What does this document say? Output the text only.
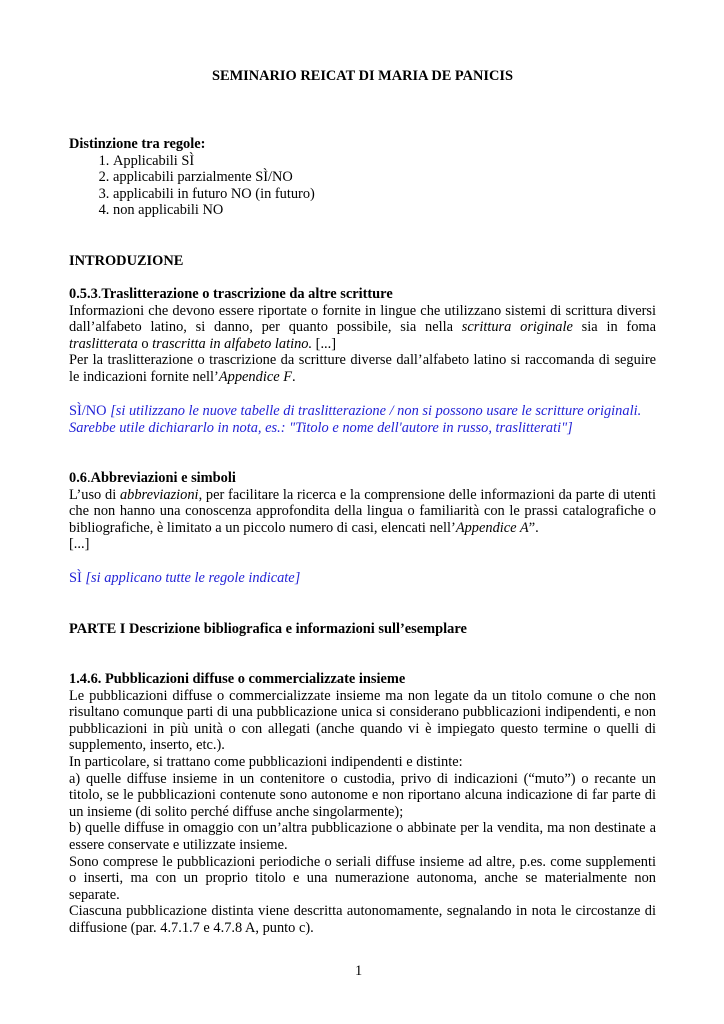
SEMINARIO REICAT DI MARIA DE PANICIS
Distinzione tra regole:
1. Applicabili SÌ
2. applicabili parzialmente SÌ/NO
3. applicabili in futuro NO (in futuro)
4. non applicabili NO
INTRODUZIONE
0.5.3.Traslitterazione o trascrizione da altre scritture
Informazioni che devono essere riportate o fornite in lingue che utilizzano sistemi di scrittura diversi dall’alfabeto latino, si danno, per quanto possibile, sia nella scrittura originale sia in foma traslitterata o trascritta in alfabeto latino. [...]
Per la traslitterazione o trascrizione da scritture diverse dall’alfabeto latino si raccomanda di seguire le indicazioni fornite nell’Appendice F.
SÌ/NO [si utilizzano le nuove tabelle di traslitterazione / non si possono usare le scritture originali. Sarebbe utile dichiararlo in nota, es.: "Titolo e nome dell'autore in russo, traslitterati"]
0.6.Abbreviazioni e simboli
L’uso di abbreviazioni, per facilitare la ricerca e la comprensione delle informazioni da parte di utenti che non hanno una conoscenza approfondita della lingua o familiarità con le prassi catalografiche o bibliografiche, è limitato a un piccolo numero di casi, elencati nell’Appendice A”.
[...]
SÌ [si applicano tutte le regole indicate]
PARTE I Descrizione bibliografica e informazioni sull’esemplare
1.4.6. Pubblicazioni diffuse o commercializzate insieme
Le pubblicazioni diffuse o commercializzate insieme ma non legate da un titolo comune o che non risultano comunque parti di una pubblicazione unica si considerano pubblicazioni indipendenti, e non pubblicazioni in più unità o con allegati (anche quando vi è impiegato questo termine o quelli di supplemento, inserto, etc.).
In particolare, si trattano come pubblicazioni indipendenti e distinte:
a) quelle diffuse insieme in un contenitore o custodia, privo di indicazioni (“muto”) o recante un titolo, se le pubblicazioni contenute sono autonome e non riportano alcuna indicazione di far parte di un insieme (di solito perché diffuse anche singolarmente);
b) quelle diffuse in omaggio con un’altra pubblicazione o abbinate per la vendita, ma non destinate a essere conservate e utilizzate insieme.
Sono comprese le pubblicazioni periodiche o seriali diffuse insieme ad altre, p.es. come supplementi o inserti, ma con un proprio titolo e una numerazione autonoma, anche se materialmente non separate.
Ciascuna pubblicazione distinta viene descritta autonomamente, segnalando in nota le circostanze di diffusione (par. 4.7.1.7 e 4.7.8 A, punto c).
1
